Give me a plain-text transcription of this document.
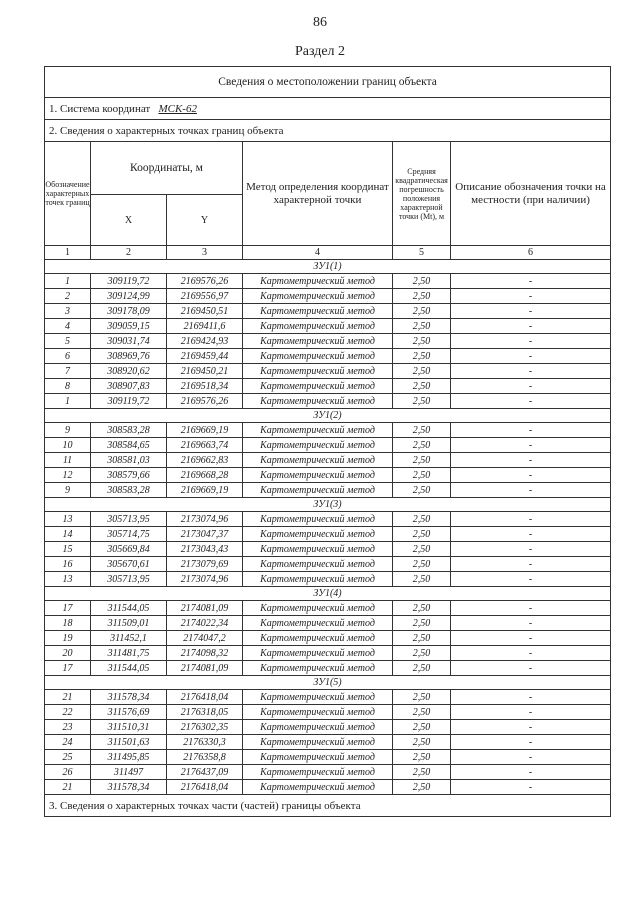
86
Раздел 2
Сведения о местоположении границ объекта					
1. Система координат МСК-62					
2. Сведения о характерных точках границ объекта					
Обозначение характерных точек границ	Координаты, м		Метод определения координат характерной точки	Средняя квадратическая погрешность положения характерной точки (Mt), м	Описание обозначения точки на местности (при наличии)
	X	Y			
1	2	3	4	5	6
ЗУ1(1)					
1	309119,72	2169576,26	Картометрический метод	2,50	-
2	309124,99	2169556,97	Картометрический метод	2,50	-
3	309178,09	2169450,51	Картометрический метод	2,50	-
4	309059,15	2169411,6	Картометрический метод	2,50	-
5	309031,74	2169424,93	Картометрический метод	2,50	-
6	308969,76	2169459,44	Картометрический метод	2,50	-
7	308920,62	2169450,21	Картометрический метод	2,50	-
8	308907,83	2169518,34	Картометрический метод	2,50	-
1	309119,72	2169576,26	Картометрический метод	2,50	-
ЗУ1(2)					
9	308583,28	2169669,19	Картометрический метод	2,50	-
10	308584,65	2169663,74	Картометрический метод	2,50	-
11	308581,03	2169662,83	Картометрический метод	2,50	-
12	308579,66	2169668,28	Картометрический метод	2,50	-
9	308583,28	2169669,19	Картометрический метод	2,50	-
ЗУ1(3)					
13	305713,95	2173074,96	Картометрический метод	2,50	-
14	305714,75	2173047,37	Картометрический метод	2,50	-
15	305669,84	2173043,43	Картометрический метод	2,50	-
16	305670,61	2173079,69	Картометрический метод	2,50	-
13	305713,95	2173074,96	Картометрический метод	2,50	-
ЗУ1(4)					
17	311544,05	2174081,09	Картометрический метод	2,50	-
18	311509,01	2174022,34	Картометрический метод	2,50	-
19	311452,1	2174047,2	Картометрический метод	2,50	-
20	311481,75	2174098,32	Картометрический метод	2,50	-
17	311544,05	2174081,09	Картометрический метод	2,50	-
ЗУ1(5)					
21	311578,34	2176418,04	Картометрический метод	2,50	-
22	311576,69	2176318,05	Картометрический метод	2,50	-
23	311510,31	2176302,35	Картометрический метод	2,50	-
24	311501,63	2176330,3	Картометрический метод	2,50	-
25	311495,85	2176358,8	Картометрический метод	2,50	-
26	311497	2176437,09	Картометрический метод	2,50	-
21	311578,34	2176418,04	Картометрический метод	2,50	-
3. Сведения о характерных точках части (частей) границы объекта					
